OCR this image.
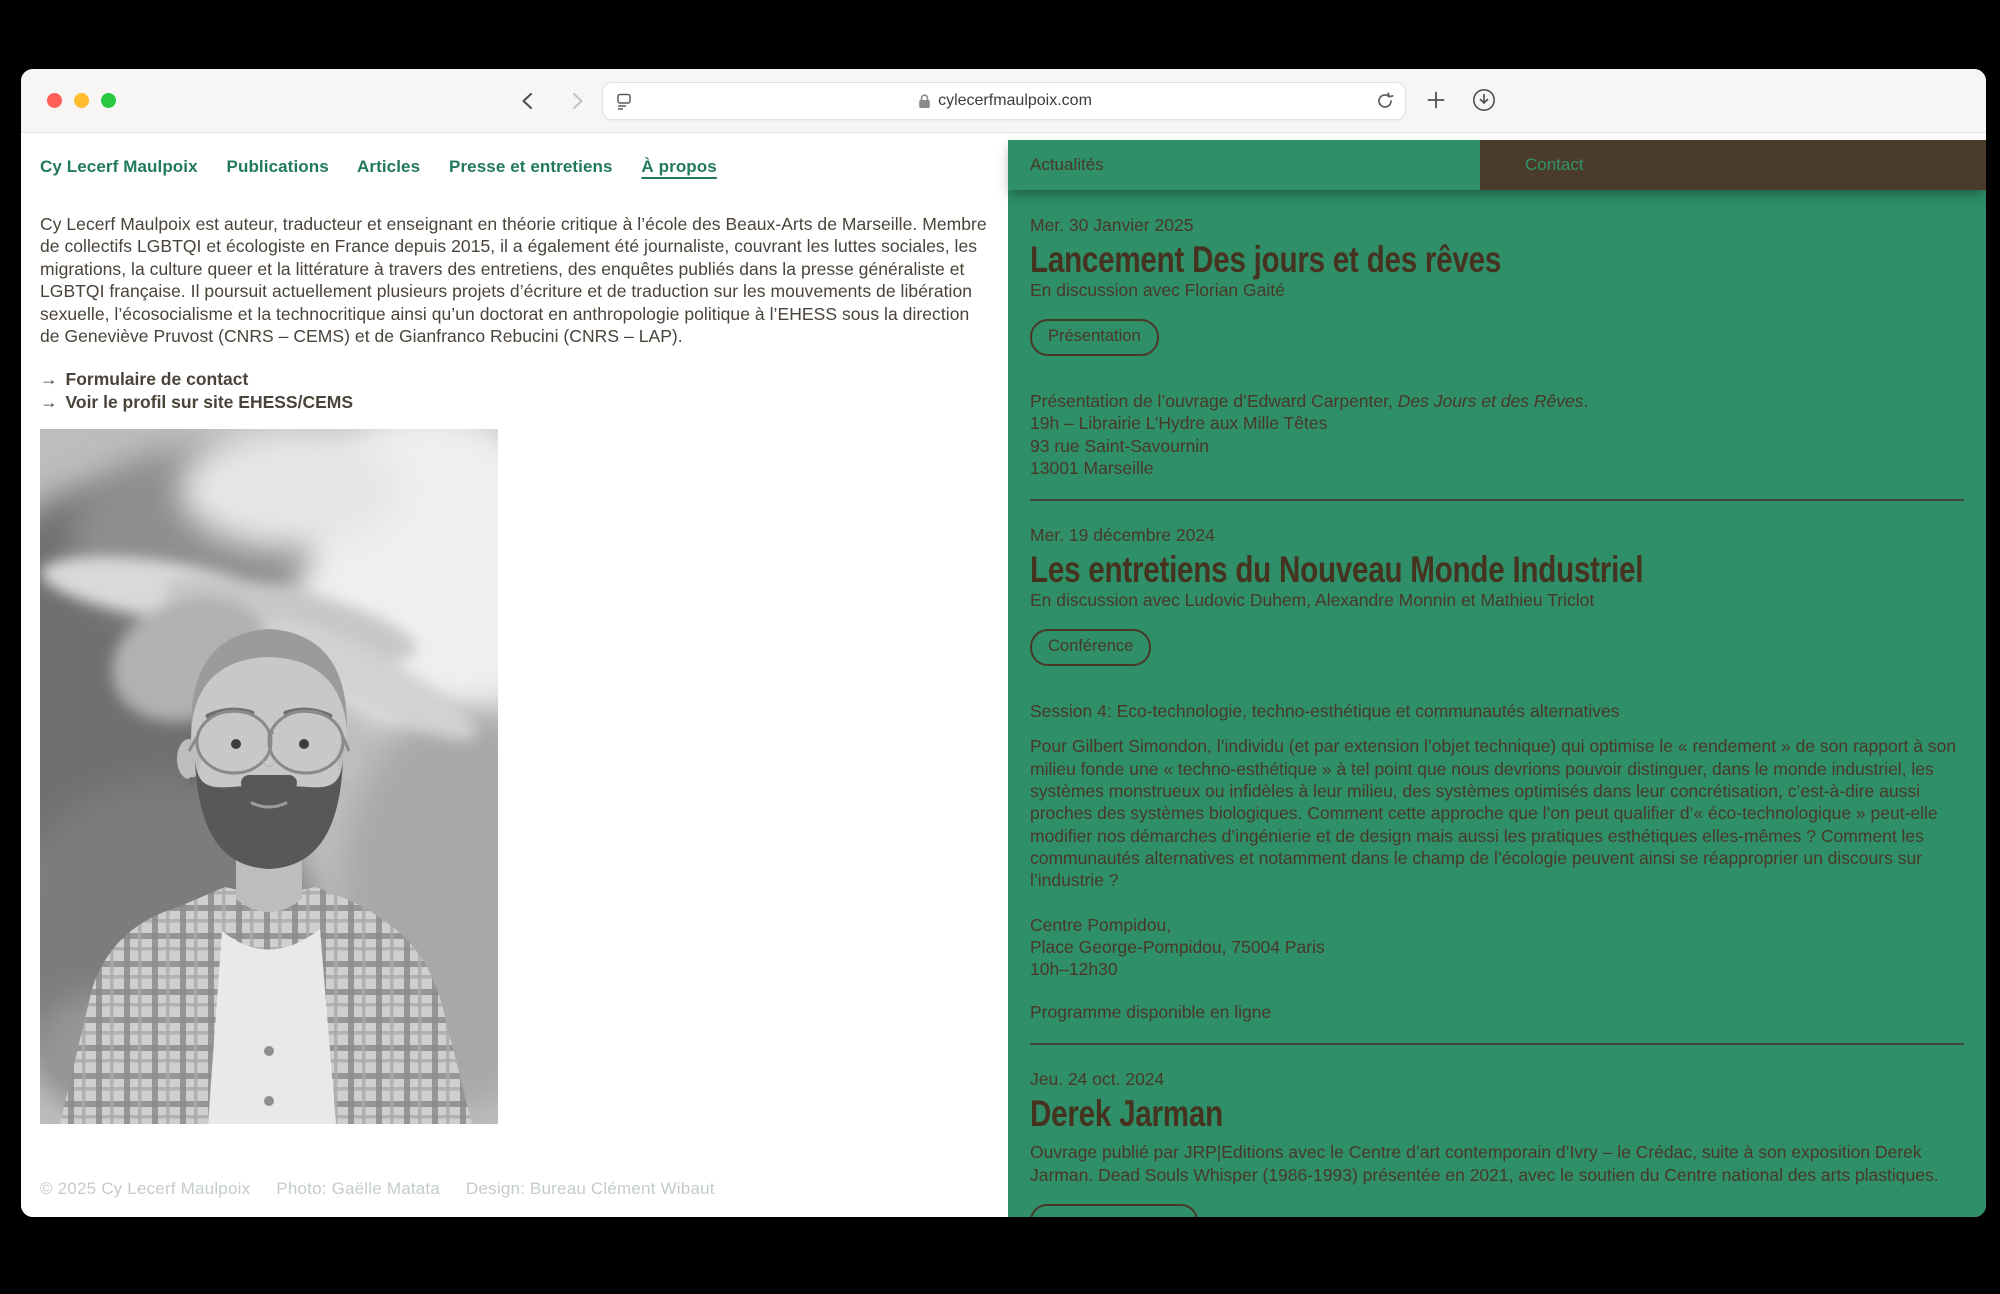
cylecerfmaulpoix.com
Cy Lecerf Maulpoix Publications Articles Presse et entretiens À propos
Cy Lecerf Maulpoix est auteur, traducteur et enseignant en théorie critique à l’école des Beaux-Arts de Marseille. Membre de collectifs LGBTQI et écologiste en France depuis 2015, il a également été journaliste, couvrant les luttes sociales, les migrations, la culture queer et la littérature à travers des entretiens, des enquêtes publiés dans la presse généraliste et LGBTQI française. Il poursuit actuellement plusieurs projets d’écriture et de traduction sur les mouvements de libération sexuelle, l’écosocialisme et la technocritique ainsi qu’un doctorat en anthropologie politique à l’EHESS sous la direction de Geneviève Pruvost (CNRS – CEMS) et de Gianfranco Rebucini (CNRS – LAP).
→ Formulaire de contact
→ Voir le profil sur site EHESS/CEMS
© 2025 Cy Lecerf Maulpoix Photo: Gaëlle Matata Design: Bureau Clément Wibaut
Actualités	Contact
Mer. 30 Janvier 2025
Lancement Des jours et des rêves
En discussion avec Florian Gaité
Présentation
Présentation de l’ouvrage d’Edward Carpenter, Des Jours et des Rêves.
19h – Librairie L’Hydre aux Mille Têtes
93 rue Saint-Savournin
13001 Marseille
Mer. 19 décembre 2024
Les entretiens du Nouveau Monde Industriel
En discussion avec Ludovic Duhem, Alexandre Monnin et Mathieu Triclot
Conférence
Session 4: Eco-technologie, techno-esthétique et communautés alternatives
Pour Gilbert Simondon, l’individu (et par extension l’objet technique) qui optimise le « rendement » de son rapport à son milieu fonde une « techno-esthétique » à tel point que nous devrions pouvoir distinguer, dans le monde industriel, les systèmes monstrueux ou infidèles à leur milieu, des systèmes optimisés dans leur concrétisation, c’est-à-dire aussi proches des systèmes biologiques. Comment cette approche que l’on peut qualifier d’« éco-technologique » peut-elle modifier nos démarches d’ingénierie et de design mais aussi les pratiques esthétiques elles-mêmes ? Comment les communautés alternatives et notamment dans le champ de l’écologie peuvent ainsi se réapproprier un discours sur l’industrie ?
Centre Pompidou,
Place George-Pompidou, 75004 Paris
10h–12h30
Programme disponible en ligne
Jeu. 24 oct. 2024
Derek Jarman
Ouvrage publié par JRP|Editions avec le Centre d’art contemporain d’Ivry – le Crédac, suite à son exposition Derek Jarman. Dead Souls Whisper (1986-1993) présentée en 2021, avec le soutien du Centre national des arts plastiques.
